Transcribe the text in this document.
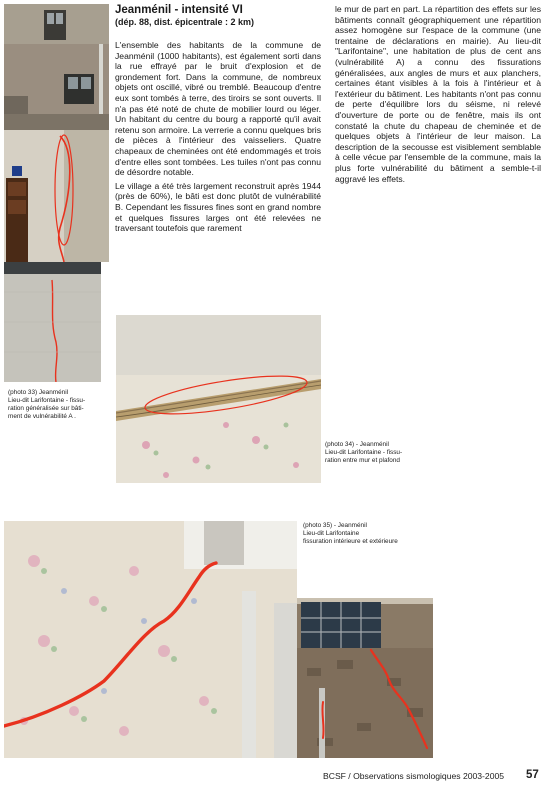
(photo 33) Jeanménil
Lieu-dit Larifontaine - fissu-
ration généralisée sur bâti-
ment de vulnérabilité A .
Jeanménil - intensité VI
(dép. 88, dist. épicentrale : 2 km)

L'ensemble des habitants de la commune de Jeanménil (1000 habitants), est également sorti dans la rue effrayé par le bruit d'explosion et de grondement fort. Dans la commune, de nombreux objets ont oscillé, vibré ou tremblé. Beaucoup d'entre eux sont tombés à terre, des tiroirs se sont ouverts. Il n'a pas été noté de chute de mobilier lourd ou léger. Un habitant du centre du bourg a rapporté qu'il avait retenu son armoire. La verrerie a connu quelques bris de pièces à l'intérieur des vaisseliers. Quatre chapeaux de cheminées ont été endommagés et trois d'entre elles sont tombées. Les tuiles n'ont pas connu de désordre notable.

Le village a été très largement reconstruit après 1944 (près de 60%), le bâti est donc plutôt de vulnérabilité B. Cependant les fissures fines sont en grand nombre et quelques fissures larges ont été relevées ne traversant toutefois que rarement

le mur de part en part. La répartition des effets sur les bâtiments connaît géographiquement une répartition assez homogène sur l'espace de la commune (une trentaine de déclarations en mairie). Au lieu-dit "Larifontaine", une habitation de plus de cent ans (vulnérabilité A) a connu des fissurations généralisées, aux angles de murs et aux planchers, certaines étant visibles à la fois à l'intérieur et à l'extérieur du bâtiment. Les habitants n'ont pas connu de perte d'équilibre lors du séisme, ni relevé d'ouverture de porte ou de fenêtre, mais ils ont constaté la chute du chapeau de cheminée et de quelques objets à l'intérieur de leur maison. La description de la secousse est visiblement semblable à celle vécue par l'ensemble de la commune, mais la plus forte vulnérabilité du bâtiment a semble-t-il aggravé les effets.

(photo 34) - Jeanménil
Lieu-dit Larifontaine - fissu-
ration entre mur et plafond
(photo 35) - Jeanménil
Lieu-dit Larifontaine
fissuration intérieure et extérieure
BCSF / Observations sismologiques 2003-2005	57
